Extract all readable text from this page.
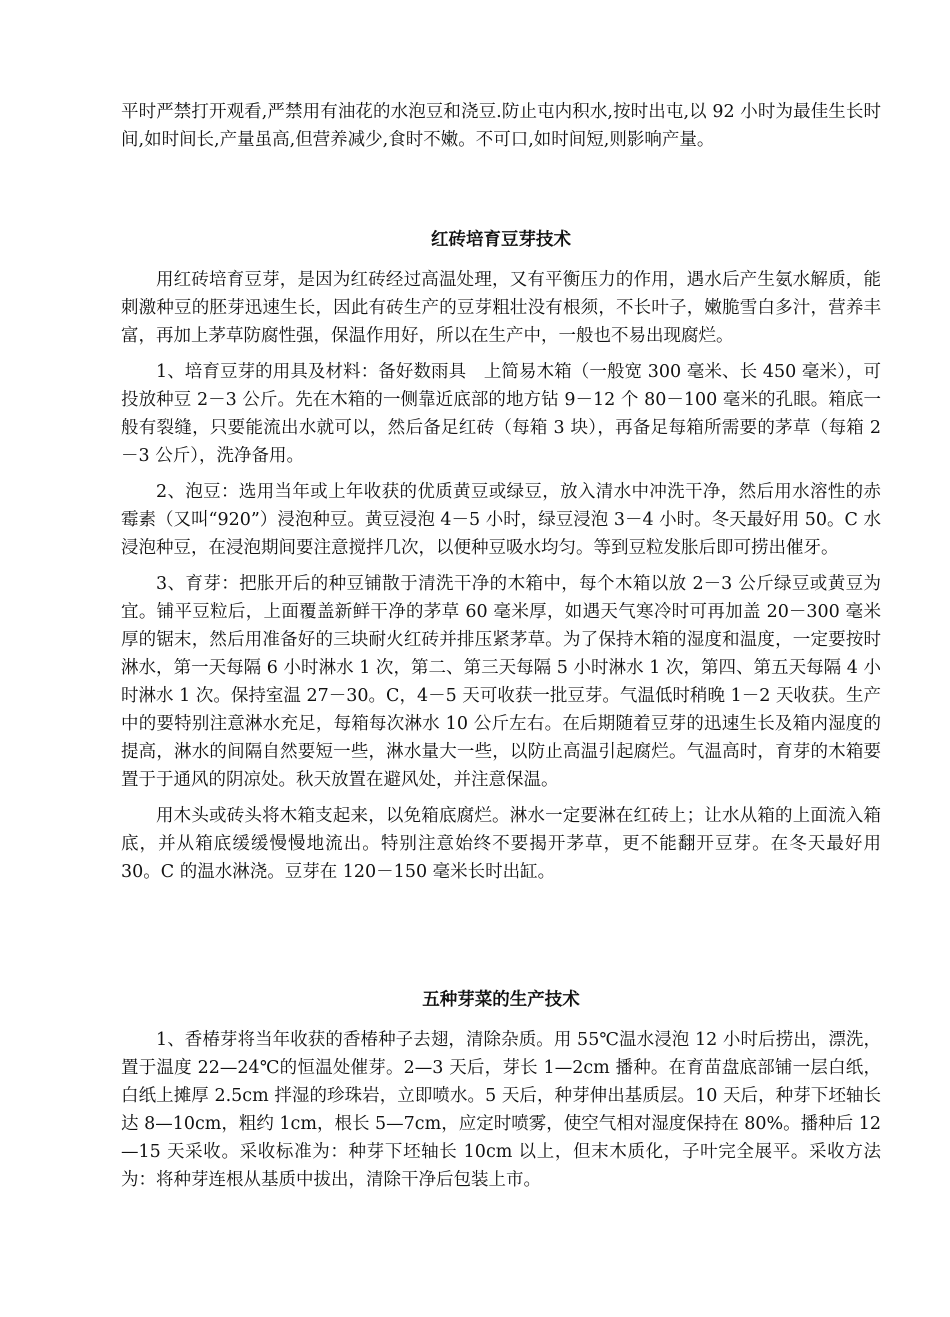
平时严禁打开观看,严禁用有油花的水泡豆和浇豆.防止屯内积水,按时出屯,以 92 小时为最佳生长时间,如时间长,产量虽高,但营养减少,食时不嫩。不可口,如时间短,则影响产量。

红砖培育豆芽技术

用红砖培育豆芽，是因为红砖经过高温处理，又有平衡压力的作用，遇水后产生氨水解质，能刺激种豆的胚芽迅速生长，因此有砖生产的豆芽粗壮没有根须，不长叶子，嫩脆雪白多汁，营养丰富，再加上茅草防腐性强，保温作用好，所以在生产中，一般也不易出现腐烂。

1、培育豆芽的用具及材料：备好数雨具　上简易木箱（一般宽 300 毫米、长 450 毫米），可投放种豆 2－3 公斤。先在木箱的一侧靠近底部的地方钻 9－12 个 80－100 毫米的孔眼。箱底一般有裂缝，只要能流出水就可以，然后备足红砖（每箱 3 块），再备足每箱所需要的茅草（每箱 2－3 公斤），洗净备用。

2、泡豆：选用当年或上年收获的优质黄豆或绿豆，放入清水中冲洗干净，然后用水溶性的赤霉素（又叫“920”）浸泡种豆。黄豆浸泡 4－5 小时，绿豆浸泡 3－4 小时。冬天最好用 50。C 水浸泡种豆，在浸泡期间要注意搅拌几次，以便种豆吸水均匀。等到豆粒发胀后即可捞出催牙。

3、育芽：把胀开后的种豆铺散于清洗干净的木箱中，每个木箱以放 2－3 公斤绿豆或黄豆为宜。铺平豆粒后，上面覆盖新鲜干净的茅草 60 毫米厚，如遇天气寒冷时可再加盖 20－300 毫米厚的锯末，然后用准备好的三块耐火红砖并排压紧茅草。为了保持木箱的湿度和温度，一定要按时淋水，第一天每隔 6 小时淋水 1 次，第二、第三天每隔 5 小时淋水 1 次，第四、第五天每隔 4 小时淋水 1 次。保持室温 27－30。C，4－5 天可收获一批豆芽。气温低时稍晚 1－2 天收获。生产中的要特别注意淋水充足，每箱每次淋水 10 公斤左右。在后期随着豆芽的迅速生长及箱内湿度的提高，淋水的间隔自然要短一些，淋水量大一些，以防止高温引起腐烂。气温高时，育芽的木箱要置于于通风的阴凉处。秋天放置在避风处，并注意保温。

用木头或砖头将木箱支起来，以免箱底腐烂。淋水一定要淋在红砖上；让水从箱的上面流入箱底，并从箱底缓缓慢慢地流出。特别注意始终不要揭开茅草，更不能翻开豆芽。在冬天最好用 30。C 的温水淋浇。豆芽在 120－150 毫米长时出缸。

五种芽菜的生产技术

1、香椿芽将当年收获的香椿种子去翅，清除杂质。用 55℃温水浸泡 12 小时后捞出，漂洗，置于温度 22—24℃的恒温处催芽。2—3 天后，芽长 1—2cm 播种。在育苗盘底部铺一层白纸，白纸上摊厚 2.5cm 拌湿的珍珠岩，立即喷水。5 天后，种芽伸出基质层。10 天后，种芽下坯轴长达 8—10cm，粗约 1cm，根长 5—7cm，应定时喷雾，使空气相对湿度保持在 80%。播种后 12—15 天采收。采收标准为：种芽下坯轴长 10cm 以上，但末木质化，子叶完全展平。采收方法为：将种芽连根从基质中拔出，清除干净后包装上市。
